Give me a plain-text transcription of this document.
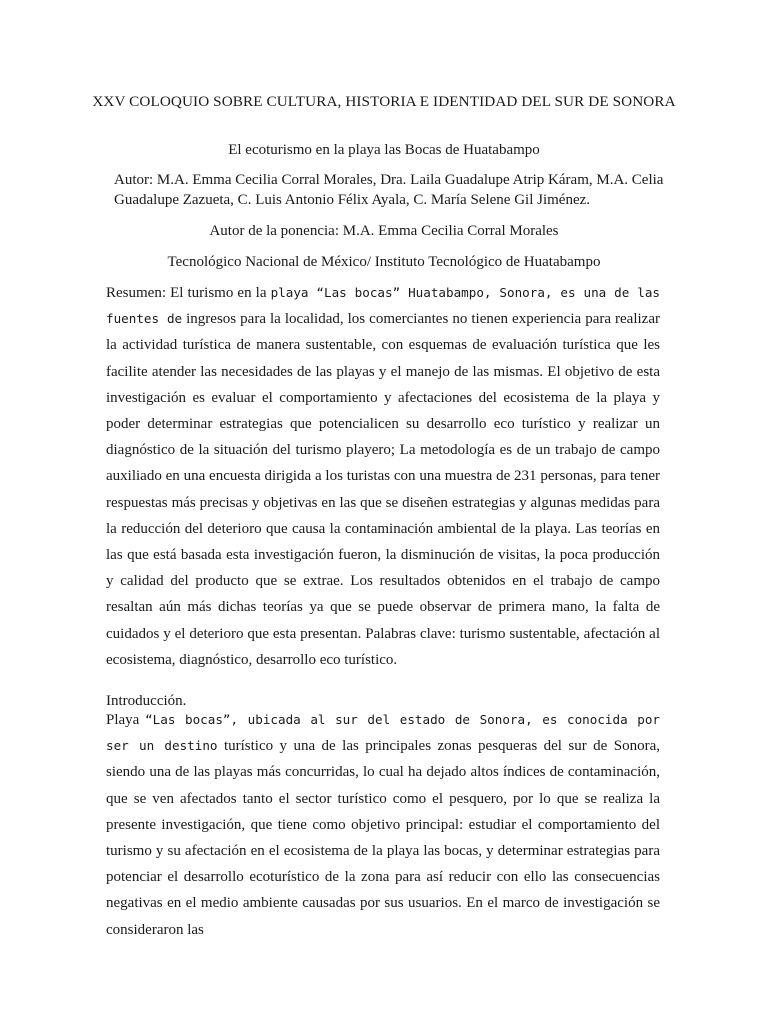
XXV COLOQUIO SOBRE CULTURA, HISTORIA E IDENTIDAD DEL SUR DE SONORA
El ecoturismo en la playa las Bocas de Huatabampo
Autor: M.A. Emma Cecilia Corral Morales, Dra. Laila Guadalupe Atrip Káram, M.A. Celia Guadalupe Zazueta, C. Luis Antonio Félix Ayala, C. María Selene Gil Jiménez.
Autor de la ponencia: M.A. Emma Cecilia Corral Morales
Tecnológico Nacional de México/ Instituto Tecnológico de Huatabampo

Resumen: El turismo en la playa “Las bocas” Huatabampo, Sonora, es una de las fuentes de ingresos para la localidad, los comerciantes no tienen experiencia para realizar la actividad turística de manera sustentable, con esquemas de evaluación turística que les facilite atender las necesidades de las playas y el manejo de las mismas. El objetivo de esta investigación es evaluar el comportamiento y afectaciones del ecosistema de la playa y poder determinar estrategias que potencialicen su desarrollo eco turístico y realizar un diagnóstico de la situación del turismo playero; La metodología es de un trabajo de campo auxiliado en una encuesta dirigida a los turistas con una muestra de 231 personas, para tener respuestas más precisas y objetivas en las que se diseñen estrategias y algunas medidas para la reducción del deterioro que causa la contaminación ambiental de la playa. Las teorías en las que está basada esta investigación fueron, la disminución de visitas, la poca producción y calidad del producto que se extrae. Los resultados obtenidos en el trabajo de campo resaltan aún más dichas teorías ya que se puede observar de primera mano, la falta de cuidados y el deterioro que esta presentan. Palabras clave: turismo sustentable, afectación al ecosistema, diagnóstico, desarrollo eco turístico.

Introducción.

Playa “Las bocas”, ubicada al sur del estado de Sonora, es conocida por ser un destino turístico y una de las principales zonas pesqueras del sur de Sonora, siendo una de las playas más concurridas, lo cual ha dejado altos índices de contaminación, que se ven afectados tanto el sector turístico como el pesquero, por lo que se realiza la presente investigación, que tiene como objetivo principal: estudiar el comportamiento del turismo y su afectación en el ecosistema de la playa las bocas, y determinar estrategias para potenciar el desarrollo ecoturístico de la zona para así reducir con ello las consecuencias negativas en el medio ambiente causadas por sus usuarios. En el marco de investigación se consideraron las
